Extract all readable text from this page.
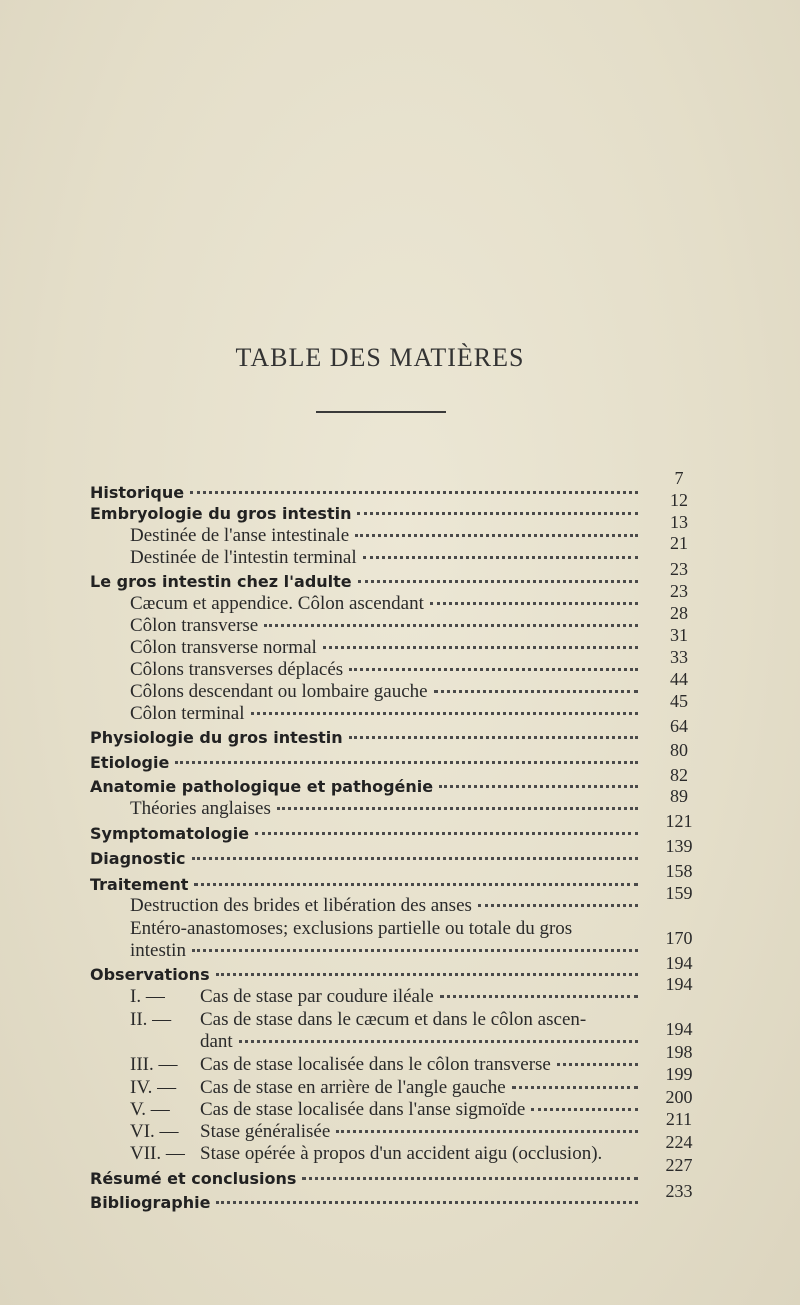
TABLE DES MATIÈRES
Historique
7
Embryologie du gros intestin
12
Destinée de l'anse intestinale
13
Destinée de l'intestin terminal
21
Le gros intestin chez l'adulte
23
Cæcum et appendice. Côlon ascendant
23
Côlon transverse
28
Côlon transverse normal
31
Côlons transverses déplacés
33
Côlons descendant ou lombaire gauche
44
Côlon terminal
45
Physiologie du gros intestin
64
Etiologie
80
Anatomie pathologique et pathogénie
82
Théories anglaises
89
Symptomatologie
121
Diagnostic
139
Traitement
158
Destruction des brides et libération des anses
159
Entéro-anastomoses; exclusions partielle ou totale du gros
intestin
170
Observations
194
I. — Cas de stase par coudure iléale
194
II. — Cas de stase dans le cæcum et dans le côlon ascen-
dant
194
III. — Cas de stase localisée dans le côlon transverse
198
IV. — Cas de stase en arrière de l'angle gauche
199
V. — Cas de stase localisée dans l'anse sigmoïde
200
VI. — Stase généralisée
211
VII. — Stase opérée à propos d'un accident aigu (occlusion).
224
Résumé et conclusions
227
Bibliographie
233
